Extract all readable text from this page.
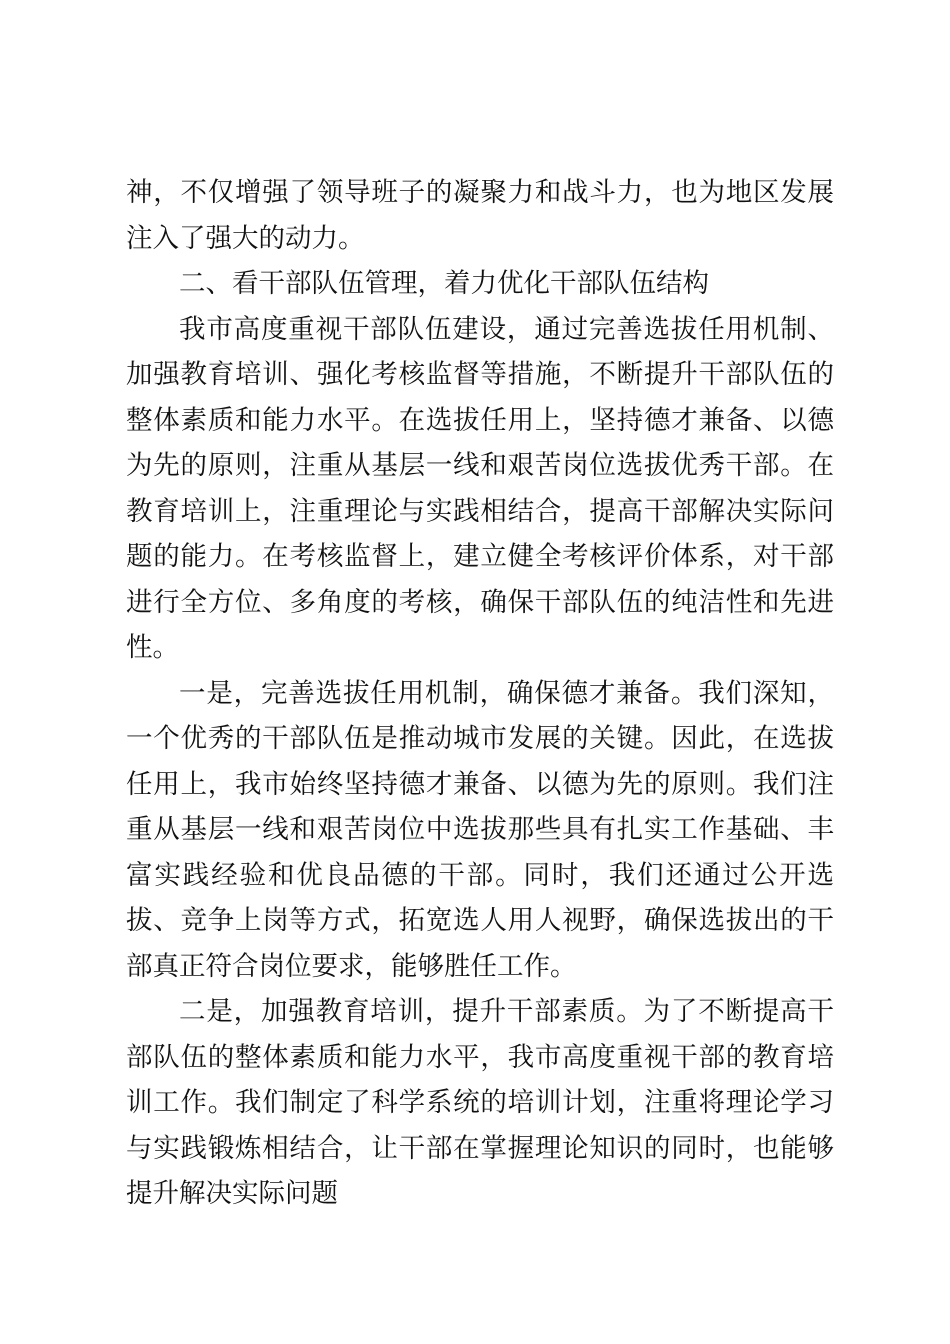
神，不仅增强了领导班子的凝聚力和战斗力，也为地区发展注入了强大的动力。

二、看干部队伍管理，着力优化干部队伍结构

我市高度重视干部队伍建设，通过完善选拔任用机制、加强教育培训、强化考核监督等措施，不断提升干部队伍的整体素质和能力水平。在选拔任用上，坚持德才兼备、以德为先的原则，注重从基层一线和艰苦岗位选拔优秀干部。在教育培训上，注重理论与实践相结合，提高干部解决实际问题的能力。在考核监督上，建立健全考核评价体系，对干部进行全方位、多角度的考核，确保干部队伍的纯洁性和先进性。

一是，完善选拔任用机制，确保德才兼备。我们深知，一个优秀的干部队伍是推动城市发展的关键。因此，在选拔任用上，我市始终坚持德才兼备、以德为先的原则。我们注重从基层一线和艰苦岗位中选拔那些具有扎实工作基础、丰富实践经验和优良品德的干部。同时，我们还通过公开选拔、竞争上岗等方式，拓宽选人用人视野，确保选拔出的干部真正符合岗位要求，能够胜任工作。

二是，加强教育培训，提升干部素质。为了不断提高干部队伍的整体素质和能力水平，我市高度重视干部的教育培训工作。我们制定了科学系统的培训计划，注重将理论学习与实践锻炼相结合，让干部在掌握理论知识的同时，也能够提升解决实际问题
